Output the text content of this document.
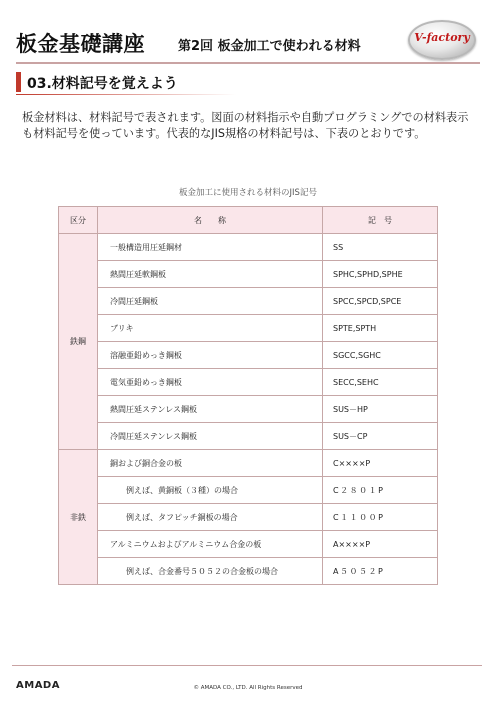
板金基礎講座	第2回 板金加工で使われる材料
V-factory
03.材料記号を覚えよう
板金材料は、材料記号で表されます。図面の材料指示や自動プログラミングでの材料表示も材料記号を使っています。代表的なJIS規格の材料記号は、下表のとおりです。
板金加工に使用される材料のJIS記号
区分	名　　称	記　号
鉄鋼	一般構造用圧延鋼材	SS
	熱間圧延軟鋼板	SPHC,SPHD,SPHE
	冷間圧延鋼板	SPCC,SPCD,SPCE
	ブリキ	SPTE,SPTH
	溶融亜鉛めっき鋼板	SGCC,SGHC
	電気亜鉛めっき鋼板	SECC,SEHC
	熱間圧延ステンレス鋼板	SUS－HP
	冷間圧延ステンレス鋼板	SUS－CP
非鉄	銅および銅合金の板	C××××P
	例えば、黄銅板（３種）の場合	C２８０１P
	例えば、タフピッチ銅板の場合	C１１００P
	アルミニウムおよびアルミニウム合金の板	A××××P
	例えば、合金番号５０５２の合金板の場合	A５０５２P
AMADA	© AMADA CO., LTD. All Rights Reserved
